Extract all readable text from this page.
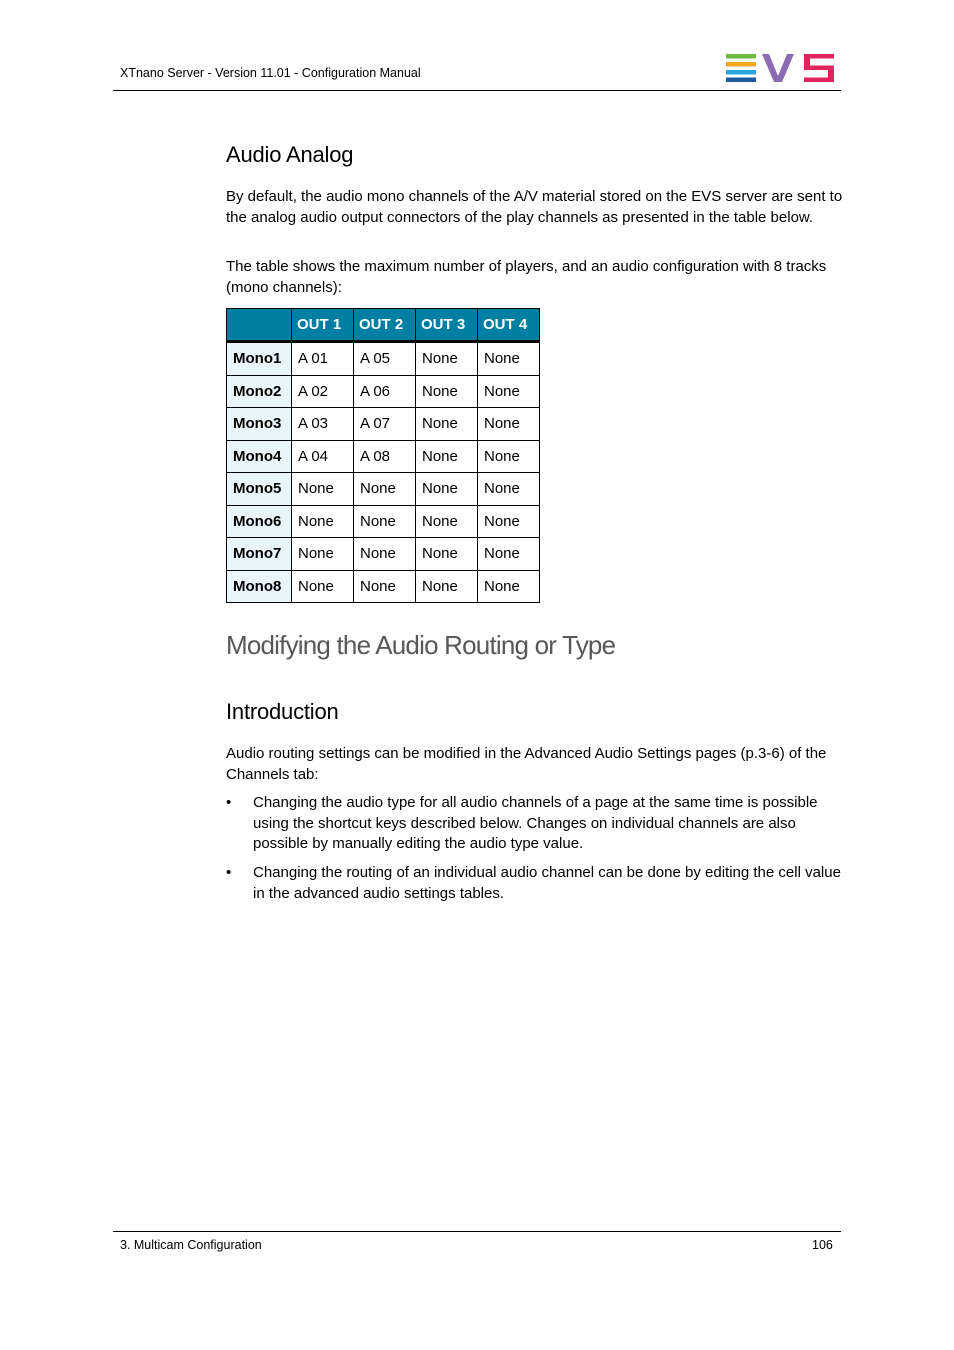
XTnano Server - Version 11.01 - Configuration Manual
Audio Analog

By default, the audio mono channels of the A/V material stored on the EVS server are sent to the analog audio output connectors of the play channels as presented in the table below.

The table shows the maximum number of players, and an audio configuration with 8 tracks (mono channels):

	OUT 1	OUT 2	OUT 3	OUT 4
Mono1	A 01	A 05	None	None
Mono2	A 02	A 06	None	None
Mono3	A 03	A 07	None	None
Mono4	A 04	A 08	None	None
Mono5	None	None	None	None
Mono6	None	None	None	None
Mono7	None	None	None	None
Mono8	None	None	None	None
Modifying the Audio Routing or Type
Introduction

Audio routing settings can be modified in the Advanced Audio Settings pages (p.3-6) of the Channels tab:

• Changing the audio type for all audio channels of a page at the same time is possible using the shortcut keys described below. Changes on individual channels are also possible by manually editing the audio type value.
• Changing the routing of an individual audio channel can be done by editing the cell value in the advanced audio settings tables.
3. Multicam Configuration	106
